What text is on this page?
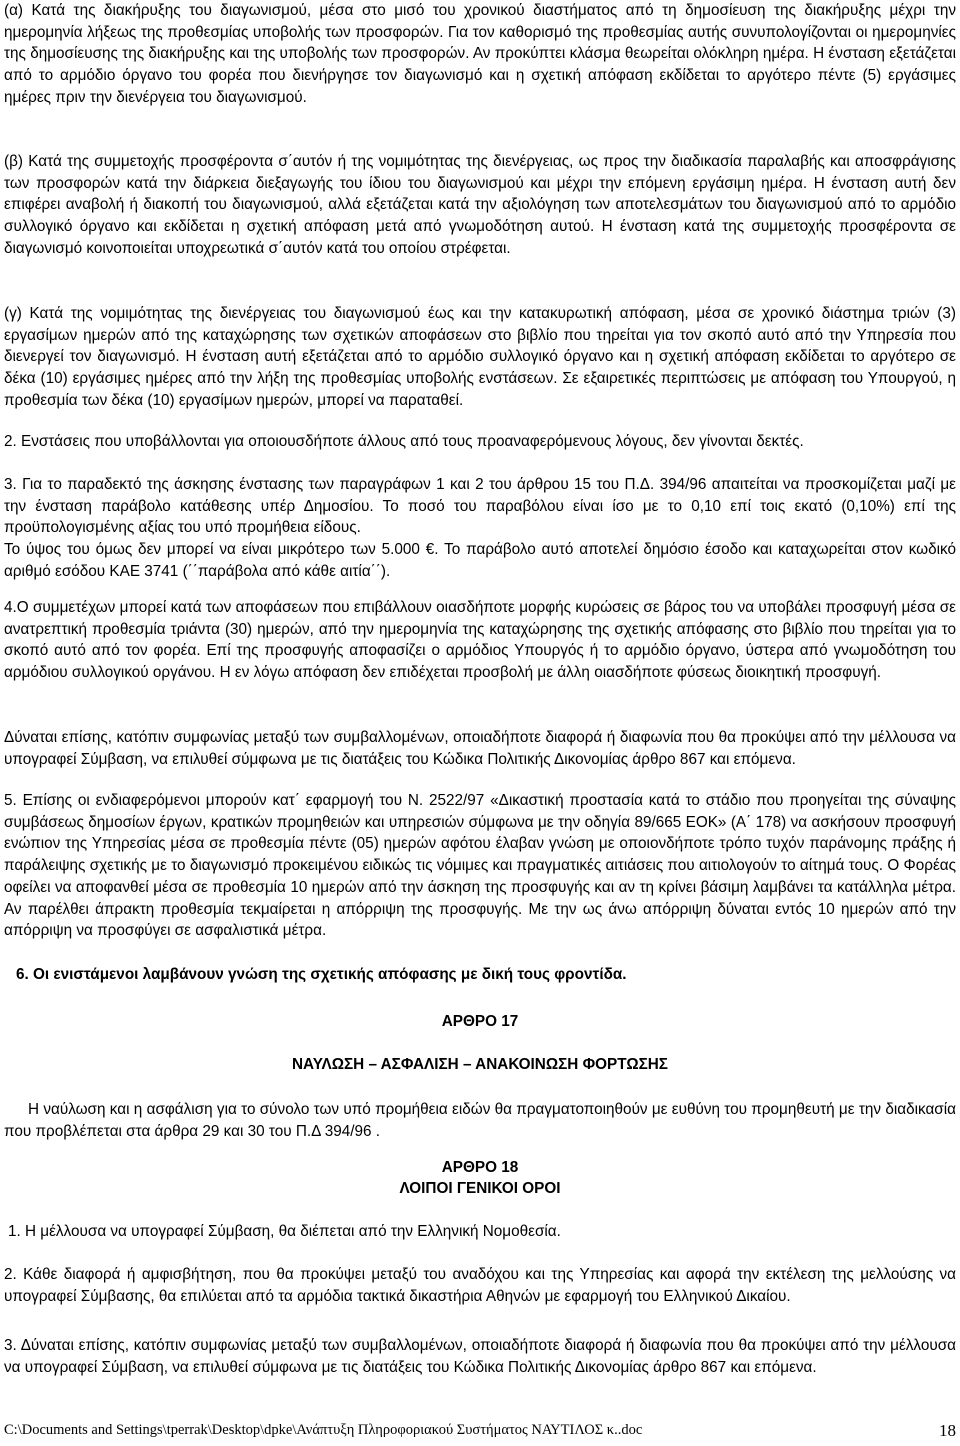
(α) Κατά της διακήρυξης του διαγωνισμού, μέσα στο μισό του χρονικού διαστήματος από τη δημοσίευση της διακήρυξης μέχρι την ημερομηνία λήξεως της προθεσμίας υποβολής των προσφορών. Για τον καθορισμό της προθεσμίας αυτής συνυπολογίζονται οι ημερομηνίες της δημοσίευσης της διακήρυξης και της υποβολής των προσφορών. Αν προκύπτει κλάσμα θεωρείται ολόκληρη ημέρα. Η ένσταση εξετάζεται από το αρμόδιο όργανο του φορέα που διενήργησε τον διαγωνισμό και η σχετική απόφαση εκδίδεται το αργότερο πέντε (5) εργάσιμες ημέρες πριν την διενέργεια του διαγωνισμού.

(β) Κατά της συμμετοχής προσφέροντα σ΄αυτόν ή της νομιμότητας της διενέργειας, ως προς την διαδικασία παραλαβής και αποσφράγισης των προσφορών κατά την διάρκεια διεξαγωγής του ίδιου του διαγωνισμού και μέχρι την επόμενη εργάσιμη ημέρα. Η ένσταση αυτή δεν επιφέρει αναβολή ή διακοπή του διαγωνισμού, αλλά εξετάζεται κατά την αξιολόγηση των αποτελεσμάτων του διαγωνισμού από το αρμόδιο συλλογικό όργανο και εκδίδεται η σχετική απόφαση μετά από γνωμοδότηση αυτού. Η ένσταση κατά της συμμετοχής προσφέροντα σε διαγωνισμό κοινοποιείται υποχρεωτικά σ΄αυτόν κατά του οποίου στρέφεται.

(γ) Κατά της νομιμότητας της διενέργειας του διαγωνισμού έως και την κατακυρωτική απόφαση, μέσα σε χρονικό διάστημα τριών (3) εργασίμων ημερών από της καταχώρησης των σχετικών αποφάσεων στο βιβλίο που τηρείται για τον σκοπό αυτό από την Υπηρεσία που διενεργεί τον διαγωνισμό. Η ένσταση αυτή εξετάζεται από το αρμόδιο συλλογικό όργανο και η σχετική απόφαση εκδίδεται το αργότερο σε δέκα (10) εργάσιμες ημέρες από την λήξη της προθεσμίας υποβολής ενστάσεων. Σε εξαιρετικές περιπτώσεις με απόφαση του Υπουργού, η προθεσμία των δέκα (10) εργασίμων ημερών, μπορεί να παραταθεί.

2. Ενστάσεις που υποβάλλονται για οποιουσδήποτε άλλους από τους προαναφερόμενους λόγους, δεν γίνονται δεκτές.

3. Για το παραδεκτό της άσκησης ένστασης των παραγράφων 1 και 2 του άρθρου 15 του Π.Δ. 394/96 απαιτείται να προσκομίζεται μαζί με την ένσταση παράβολο κατάθεσης υπέρ Δημοσίου. Το ποσό του παραβόλου είναι ίσο με το 0,10 επί τοις εκατό (0,10%) επί της προϋπολογισμένης αξίας του υπό προμήθεια είδους.

Το ύψος του όμως δεν μπορεί να είναι μικρότερο των 5.000 €. Το παράβολο αυτό αποτελεί δημόσιο έσοδο και καταχωρείται στον κωδικό αριθμό εσόδου ΚΑΕ 3741 (΄΄παράβολα από κάθε αιτία΄΄).

4.Ο συμμετέχων μπορεί κατά των αποφάσεων που επιβάλλουν οιασδήποτε μορφής κυρώσεις σε βάρος του να υποβάλει προσφυγή μέσα σε ανατρεπτική προθεσμία τριάντα (30) ημερών, από την ημερομηνία της καταχώρησης της σχετικής απόφασης στο βιβλίο που τηρείται για το σκοπό αυτό από τον φορέα. Επί της προσφυγής αποφασίζει ο αρμόδιος Υπουργός ή το αρμόδιο όργανο, ύστερα από γνωμοδότηση του αρμόδιου συλλογικού οργάνου. Η εν λόγω απόφαση δεν επιδέχεται προσβολή με άλλη οιασδήποτε φύσεως διοικητική προσφυγή.

Δύναται επίσης, κατόπιν συμφωνίας μεταξύ των συμβαλλομένων, οποιαδήποτε διαφορά ή διαφωνία που θα προκύψει από την μέλλουσα να υπογραφεί Σύμβαση, να επιλυθεί σύμφωνα με τις διατάξεις του Κώδικα Πολιτικής Δικονομίας άρθρο 867 και επόμενα.

5. Επίσης οι ενδιαφερόμενοι μπορούν κατ΄ εφαρμογή του Ν. 2522/97 «Δικαστική προστασία κατά το στάδιο που προηγείται της σύναψης συμβάσεως δημοσίων έργων, κρατικών προμηθειών και υπηρεσιών σύμφωνα με την οδηγία 89/665 ΕΟΚ» (Α΄ 178) να ασκήσουν προσφυγή ενώπιον της Υπηρεσίας μέσα σε προθεσμία πέντε (05) ημερών αφότου έλαβαν γνώση με οποιονδήποτε τρόπο τυχόν παράνομης πράξης ή παράλειψης σχετικής με το διαγωνισμό προκειμένου ειδικώς τις νόμιμες και πραγματικές αιτιάσεις που αιτιολογούν το αίτημά τους. Ο Φορέας οφείλει να αποφανθεί μέσα σε προθεσμία 10 ημερών από την άσκηση της προσφυγής και αν τη κρίνει βάσιμη λαμβάνει τα κατάλληλα μέτρα. Αν παρέλθει άπρακτη προθεσμία τεκμαίρεται η απόρριψη της προσφυγής. Με την ως άνω απόρριψη δύναται εντός 10 ημερών από την απόρριψη να προσφύγει σε ασφαλιστικά μέτρα.

6. Οι ενιστάμενοι λαμβάνουν γνώση της σχετικής απόφασης με δική τους φροντίδα.

ΑΡΘΡΟ 17

ΝΑΥΛΩΣΗ – ΑΣΦΑΛΙΣΗ – ΑΝΑΚΟΙΝΩΣΗ ΦΟΡΤΩΣΗΣ

Η ναύλωση και η ασφάλιση για το σύνολο των υπό προμήθεια ειδών θα πραγματοποιηθούν με ευθύνη του προμηθευτή με την διαδικασία που προβλέπεται στα άρθρα 29 και 30 του Π.Δ 394/96 .

ΑΡΘΡΟ 18

ΛΟΙΠΟΙ ΓΕΝΙΚΟΙ ΟΡΟΙ

1. Η μέλλουσα να υπογραφεί Σύμβαση, θα διέπεται από την Ελληνική Νομοθεσία.

2. Κάθε διαφορά ή αμφισβήτηση, που θα προκύψει μεταξύ του αναδόχου και της Υπηρεσίας και αφορά την εκτέλεση της μελλούσης να υπογραφεί Σύμβασης, θα επιλύεται από τα αρμόδια τακτικά δικαστήρια Αθηνών με εφαρμογή του Ελληνικού Δικαίου.

3. Δύναται επίσης, κατόπιν συμφωνίας μεταξύ των συμβαλλομένων, οποιαδήποτε διαφορά ή διαφωνία που θα προκύψει από την μέλλουσα να υπογραφεί Σύμβαση, να επιλυθεί σύμφωνα με τις διατάξεις του Κώδικα Πολιτικής Δικονομίας άρθρο 867 και επόμενα.

C:\Documents and Settings\tperrak\Desktop\dpke\Ανάπτυξη Πληροφοριακού Συστήματος ΝΑΥΤΙΛΟΣ κ..doc	18
